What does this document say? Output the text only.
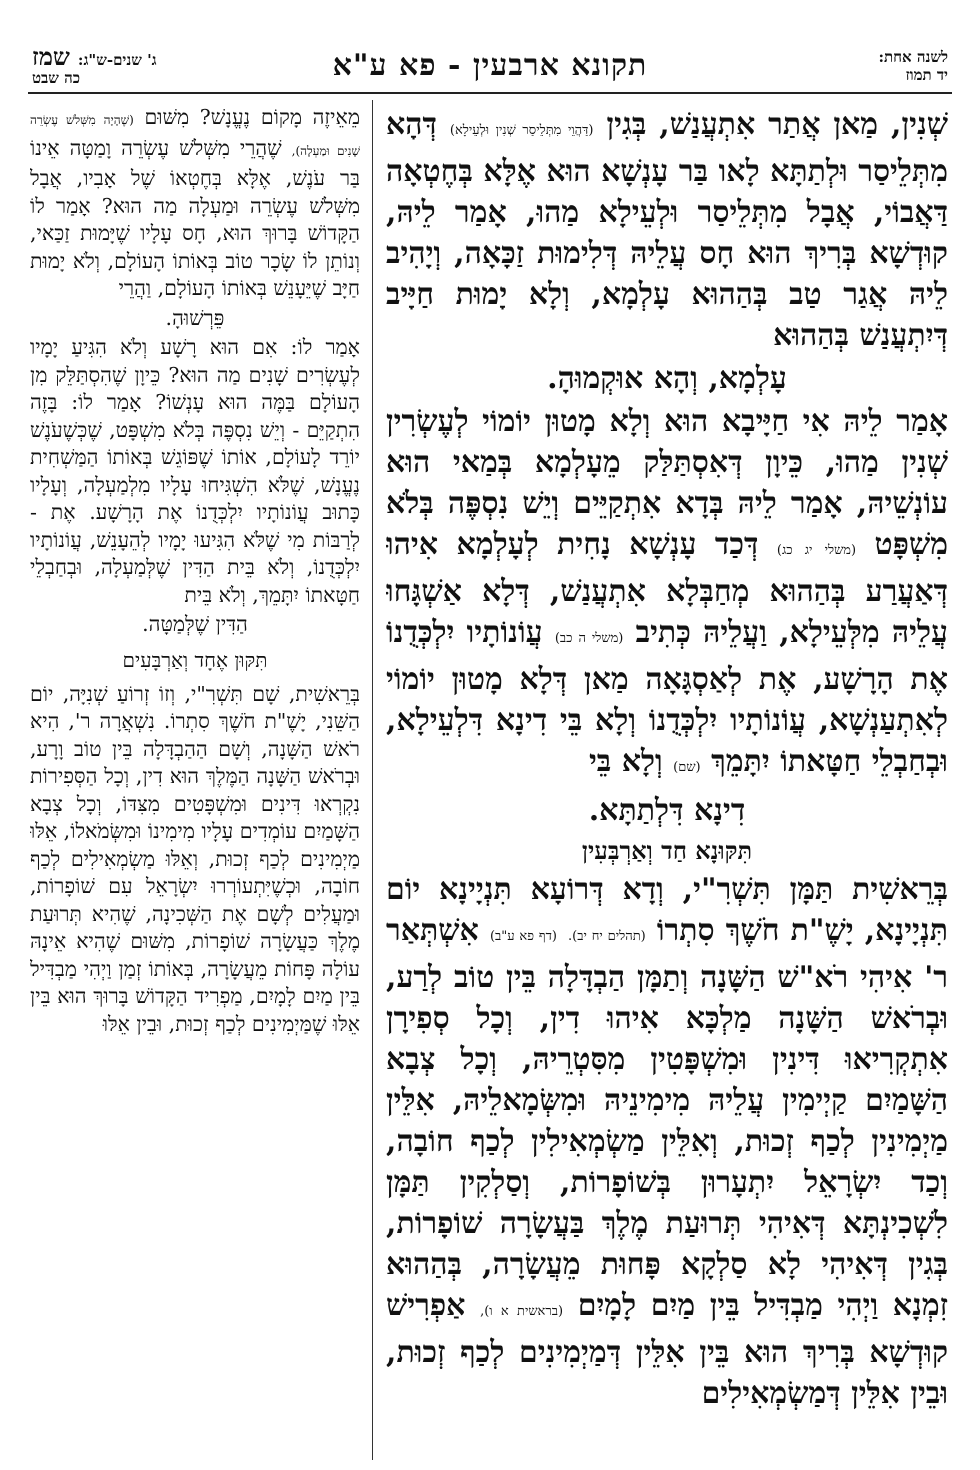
לשנה אחת:
יד תמוז
תקונא ארבעין - פא ע"א
שמז ג' שנים-ש"ג:
כה שבט

שְׁנִין, מַאן אֲתַר אִתְעֲנַשׁ, בְּגִין (דַּהֲוֵי מִתְּלֵיסַר שְׁנִין וּלְעֵילָא) דְּהָא מִתְּלֵיסַר וּלְתַתָּא לָאו בַּר עָנְשָׁא הוּא אֶלָּא בְּחֶטְאָה דַּאֲבוֹי, אֲבָל מִתְּלֵיסַר וּלְעֵילָא מַהוּ, אָמַר לֵיהּ, קוּדְשָׁא בְּרִיךְ הוּא חָס עֲלֵיהּ דְּלִימוּת זַכָּאָה, וְיָהִיב לֵיהּ אֲגַר טַב בְּהַהוּא עָלְמָא, וְלָא יָמוּת חַיָּיב דְּיִתְעֲנַשׁ בְּהַהוּא

עָלְמָא, וְהָא אוּקְמוּהָ.

אָמַר לֵיהּ אִי חַיָּיבָא הוּא וְלָא מָטוּן יוֹמוֹי לְעֶשְׂרִין שְׁנִין מַהוּ, כֵּיוָן דְּאִסְתַּלַּק מֵעָלְמָא בְּמַאי הוּא עוֹנְשֵׁיהּ, אָמַר לֵיהּ בְּדָא אִתְקַיֵּים וְיֵשׁ נִסְפֶּה בְּלֹא מִשְׁפָּט (משלי יג כג) דְּכַד עָנְשָׁא נָחִית לְעָלְמָא אִיהוּ דְּאַעֲרַע בְּהַהוּא מְחַבְּלָא אִתְעֲנַשׁ, דְּלָא אַשְׁגָּחוּ עֲלֵיהּ מִלְּעֵילָא, וַעֲלֵיהּ כְּתִיב (משלי ה כב) עֲוֹנוֹתָיו יִלְכְּדֻנוֹ אֶת הָרָשָׁע, אֶת לְאַסְגָּאָה מַאן דְּלָא מָטוּן יוֹמוֹי לְאִתְעַנְשָׁא, עֲוֹנוֹתָיו יִלְכְּדֻנוֹ וְלָא בֵּי דִינָא דִּלְעֵילָא, וּבְחַבְלֵי חַטָּאתוֹ יִתָּמֵךְ (שם) וְלָא בֵּי

דִינָא דִּלְתַתָּא.

תִּקּוּנָא חַד וְאַרְבְּעִין

בְּרֵאשִׁית תַּמָּן תִּשְׁרִ"י, וְדָא דְּרוֹעָא תִּנְיָינָא יוֹם תִּנְיָינָא, יָשֶׁ"ת חֹשֶׁךְ סִתְרוֹ (תהלים יח יב). (דף פא ע"ב) אִשְׁתְּאַר ר' אִיהִי רֹא"שׁ הַשָּׁנָה וְתַמָּן הַבְדָּלָה בֵּין טוֹב לְרַע, וּבְרֹאשׁ הַשָּׁנָה מַלְכָּא אִיהוּ דִין, וְכָל סְפִירָן אִתְקְרִיאוּ דִּינִין וּמִשְׁפָּטִין מִסִּטְרֵיהּ, וְכָל צְבָא הַשָּׁמַיִם קַיְימִין עֲלֵיהּ מִימִינֵיהּ וּמִשְּׂמָאלֵיהּ, אִלֵּין מַיְמִינִין לְכַף זְכוּת, וְאִלֵּין מַשְׂמְאִילִין לְכַף חוֹבָה, וְכַד יִשְׂרָאֵל יִתְעָרוּן בְּשׁוֹפָרוֹת, וְסַלְקִין תַּמָּן לִשְׁכִינְתָּא דְּאִיהִי תְּרוּעַת מֶלֶךְ בַּעֲשָׂרָה שׁוֹפָרוֹת, בְּגִין דְּאִיהִי לָא סַלְקָא פָּחוּת מֵעֲשָׂרָה, בְּהַהוּא זִמְנָא וַיְהִי מַבְדִּיל בֵּין מַיִם לָמָיִם (בראשית א ו), אַפְרִישׁ קוּדְשָׁא בְּרִיךְ הוּא בֵּין אִלֵּין דְּמַיְמִינִים לְכַף זְכוּת, וּבֵין אִלֵּין דְּמַשְׂמְאִילִים

מֵאֵיזֶה מָקוֹם נֶעֱנָשׁ? מִשּׁוּם (שֶׁהָיָה מִשְּׁלֹשׁ עֶשְׂרֵה שָׁנִים וּמַעְלָה), שֶׁהֲרֵי מִשְּׁלֹשׁ עֶשְׂרֵה וָמַטָּה אֵינוֹ בַּר עֹנֶשׁ, אֶלָּא בְּחֶטְאוֹ שֶׁל אָבִיו, אֲבָל מִשְּׁלֹשׁ עֶשְׂרֵה וּמַעְלָה מַה הוּא? אָמַר לוֹ הַקָּדוֹשׁ בָּרוּךְ הוּא, חָס עָלָיו שֶׁיָּמוּת זַכַּאי, וְנוֹתֵן לוֹ שָׂכָר טוֹב בְּאוֹתוֹ הָעוֹלָם, וְלֹא יָמוּת חַיָּב שֶׁיֵּעָנֵשׁ בְּאוֹתוֹ הָעוֹלָם, וַהֲרֵי

פֵּרְשׁוּהָ.

אָמַר לוֹ: אִם הוּא רָשָׁע וְלֹא הִגִּיעַ יָמָיו לְעֶשְׂרִים שָׁנִים מַה הוּא? כֵּיוָן שֶׁהִסְתַּלֵּק מִן הָעוֹלָם בַּמֶּה הוּא עָנְשׁוֹ? אָמַר לוֹ: בָּזֶה הִתְקַיֵּם - וְיֵשׁ נִסְפֶּה בְּלֹא מִשְׁפָּט, שֶׁכְּשֶׁעֹנֶשׁ יוֹרֵד לָעוֹלָם, אוֹתוֹ שֶׁפּוֹגֵשׁ בְּאוֹתוֹ הַמַּשְׁחִית נֶעֱנָשׁ, שֶׁלֹּא הִשְׁגִּיחוּ עָלָיו מִלְמַעְלָה, וְעָלָיו כָּתוּב עֲוֹנוֹתָיו יִלְכְּדֻנוֹ אֶת הָרָשָׁע. אֶת - לְרַבּוֹת מִי שֶׁלֹּא הִגִּיעוּ יָמָיו לְהֵעָנֵשׁ, עֲוֹנוֹתָיו יִלְכְּדֻנוֹ, וְלֹא בֵּית הַדִּין שֶׁלְּמַעְלָה, וּבְחַבְלֵי חַטָּאתוֹ יִתָּמֵךְ, וְלֹא בֵּית

הַדִּין שֶׁלְּמַטָּה.

תִּקּוּן אֶחָד וְאַרְבָּעִים

בְּרֵאשִׁית, שָׁם תִּשְׁרִ"י, וְזוֹ זְרוֹעַ שְׁנִיָּה, יוֹם הַשֵּׁנִי, יָשֶׁ"ת חֹשֶׁךְ סִתְרוֹ. נִשְׁאֲרָה ר', הִיא רֹאשׁ הַשָּׁנָה, וְשָׁם הַהַבְדָּלָה בֵּין טוֹב וָרָע, וּבְרֹאשׁ הַשָּׁנָה הַמֶּלֶךְ הוּא דִין, וְכָל הַסְּפִירוֹת נִקְרְאוּ דִּינִים וּמִשְׁפָּטִים מִצִּדּוֹ, וְכָל צְבָא הַשָּׁמַיִם עוֹמְדִים עָלָיו מִימִינוֹ וּמִשְּׂמֹאלוֹ, אֵלּוּ מַיְמִינִים לְכַף זְכוּת, וְאֵלּוּ מַשְׂמְאִילִים לְכַף חוֹבָה, וּכְשֶׁיִּתְעוֹרְרוּ יִשְׂרָאֵל עִם שׁוֹפָרוֹת, וּמַעֲלִים לְשָׁם אֶת הַשְּׁכִינָה, שֶׁהִיא תְּרוּעַת מֶלֶךְ כַּעֲשָׂרָה שׁוֹפָרוֹת, מִשּׁוּם שֶׁהִיא אֵינָהּ עוֹלָה פָּחוֹת מֵעֲשָׂרָה, בְּאוֹתוֹ זְמַן וַיְהִי מַבְדִּיל בֵּין מַיִם לָמָיִם, מַפְרִיד הַקָּדוֹשׁ בָּרוּךְ הוּא בֵּין אֵלּוּ שֶׁמַּיְמִינִים לְכַף זְכוּת, וּבֵין אֵלּוּ
